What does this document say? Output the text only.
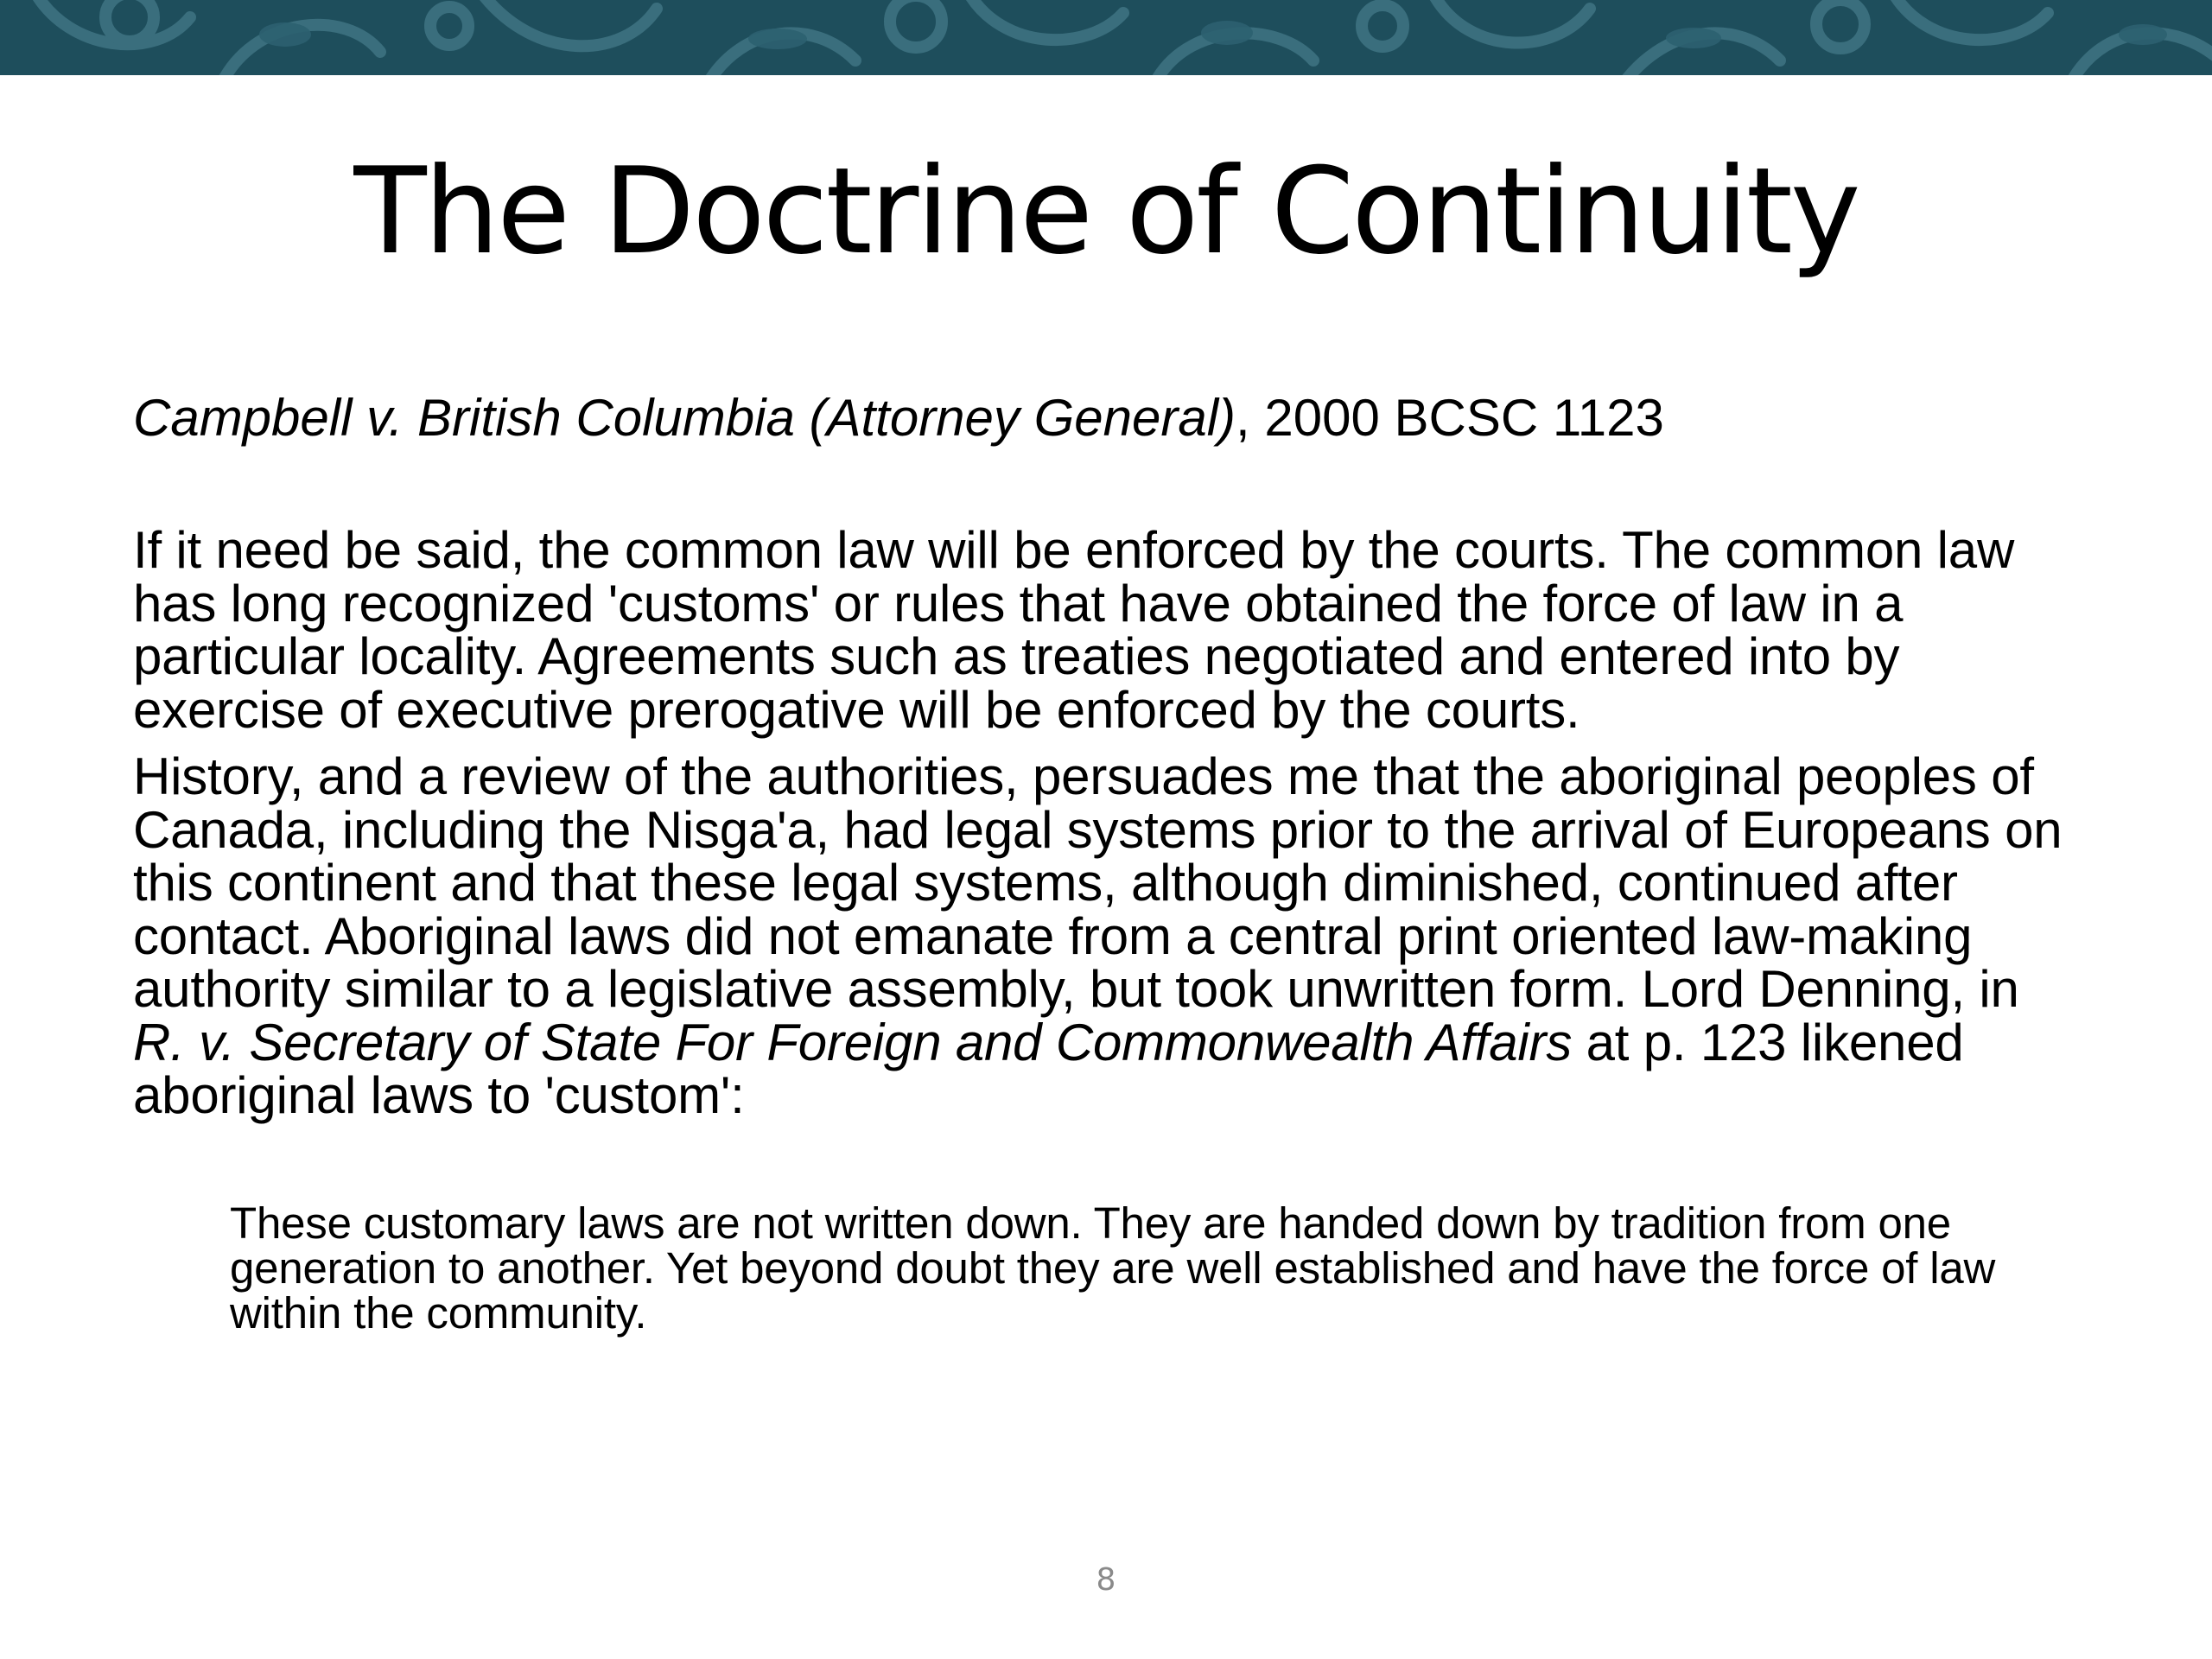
The Doctrine of Continuity

Campbell v. British Columbia (Attorney General), 2000 BCSC 1123

If it need be said, the common law will be enforced by the courts. The common law has long recognized 'customs' or rules that have obtained the force of law in a particular locality. Agreements such as treaties negotiated and entered into by exercise of executive prerogative will be enforced by the courts.

History, and a review of the authorities, persuades me that the aboriginal peoples of Canada, including the Nisga'a, had legal systems prior to the arrival of Europeans on this continent and that these legal systems, although diminished, continued after contact. Aboriginal laws did not emanate from a central print oriented law-making authority similar to a legislative assembly, but took unwritten form. Lord Denning, in R. v. Secretary of State For Foreign and Commonwealth Affairs at p. 123 likened aboriginal laws to 'custom':

These customary laws are not written down. They are handed down by tradition from one generation to another. Yet beyond doubt they are well established and have the force of law within the community.

8
